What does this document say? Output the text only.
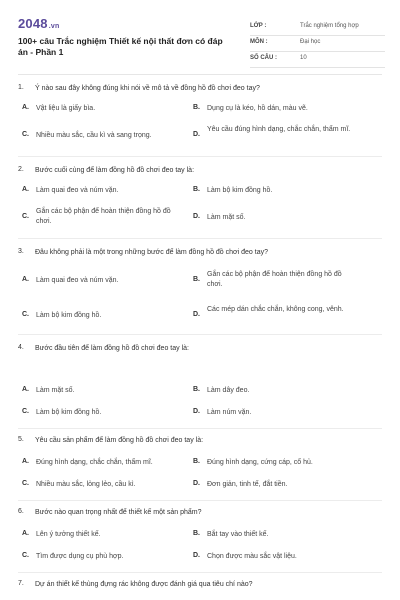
2048.vn
100+ câu Trắc nghiệm Thiết kế nội thất đơn có đáp án - Phần 1
LỚP :	Trắc nghiệm tổng hợp
MÔN :	Đại học
SỐ CÂU :	10
1. Ý nào sau đây không đúng khi nói về mô tả về đồng hồ đồ chơi đeo tay?
A. Vật liệu là giấy bìa.	B. Dụng cụ là kéo, hồ dán, màu vẽ.
C. Nhiều màu sắc, cầu kì và sang trọng.	D.
Yêu cầu đúng hình dạng, chắc chắn, thẩm mĩ.
2. Bước cuối cùng để làm đồng hồ đồ chơi đeo tay là:
A. Làm quai đeo và núm vặn.	B. Làm bộ kim đồng hồ.
C.
Gắn các bộ phận để hoàn thiện đồng hồ đồ chơi.
D. Làm mặt số.
3. Đâu không phải là một trong những bước để làm đồng hồ đồ chơi đeo tay?
A. Làm quai đeo và núm vặn.	B.
Gắn các bộ phận để hoàn thiện đồng hồ đồ chơi.
C. Làm bộ kim đồng hồ.	D.
Các mép dán chắc chắn, không cong, vênh.
4. Bước đầu tiên để làm đồng hồ đồ chơi đeo tay là:
A. Làm mặt số.	B. Làm dây đeo.
C. Làm bộ kim đồng hồ.	D. Làm núm vặn.
5. Yêu cầu sản phẩm để làm đồng hồ đồ chơi đeo tay là:
A. Đúng hình dạng, chắc chắn, thẩm mĩ.	B. Đúng hình dạng, cứng cáp, cổ hủ.
C. Nhiều màu sắc, lỏng lẻo, cầu kì.	D. Đơn giản, tinh tế, đắt tiền.
6. Bước nào quan trọng nhất để thiết kế một sản phẩm?
A. Lên ý tưởng thiết kế.	B. Bắt tay vào thiết kế.
C. Tìm được dụng cụ phù hợp.	D. Chọn được màu sắc vật liệu.
7. Dự án thiết kế thùng đựng rác không được đánh giá qua tiêu chí nào?
